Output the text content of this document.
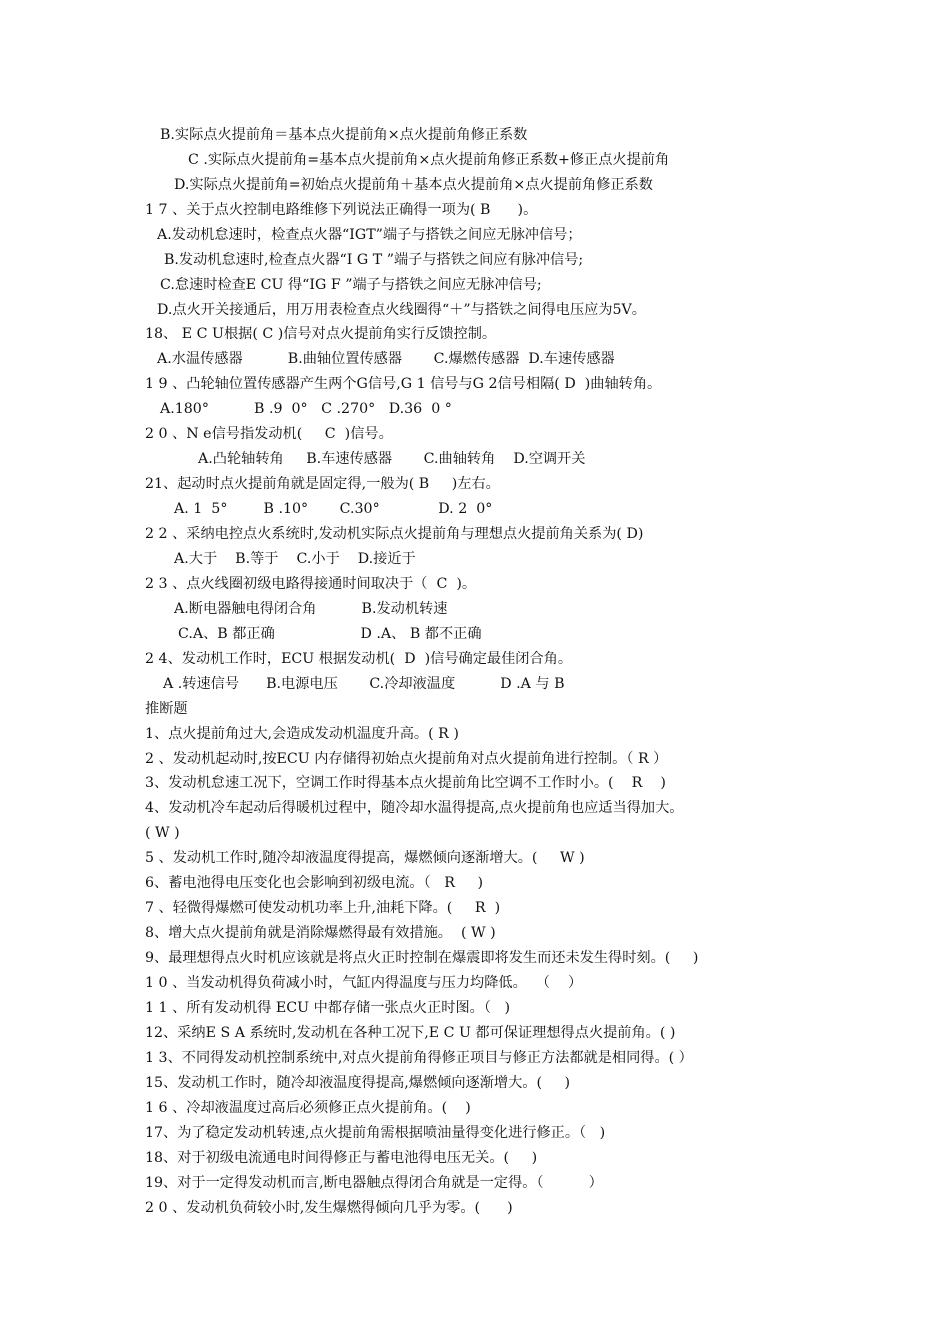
B.实际点火提前角＝基本点火提前角×点火提前角修正系数
C .实际点火提前角=基本点火提前角×点火提前角修正系数+修正点火提前角
D.实际点火提前角=初始点火提前角＋基本点火提前角×点火提前角修正系数
1 7 、关于点火控制电路维修下列说法正确得一项为( B      )。
A.发动机怠速时，检查点火器“IGT”端子与搭铁之间应无脉冲信号；
B.发动机怠速时,检查点火器“I G T ”端子与搭铁之间应有脉冲信号;
C.怠速时检查E CU 得“IG F ”端子与搭铁之间应无脉冲信号;
D.点火开关接通后，用万用表检查点火线圈得“＋”与搭铁之间得电压应为5V。
18、 E C U根据( C )信号对点火提前角实行反馈控制。
A.水温传感器          B.曲轴位置传感器       C.爆燃传感器  D.车速传感器
1 9 、凸轮轴位置传感器产生两个G信号,G 1 信号与G 2信号相隔( D  )曲轴转角。
A.180°          B .9  0°   C .270°   D.36  0 °
2 0 、N e信号指发动机(     C  )信号。
A.凸轮轴转角     B.车速传感器       C.曲轴转角    D.空调开关
21、起动时点火提前角就是固定得,一般为( B     )左右。
A. 1  5°        B .10°       C.30°             D. 2  0°
2 2 、采纳电控点火系统时,发动机实际点火提前角与理想点火提前角关系为( D)
A.大于    B.等于    C.小于    D.接近于
2 3 、点火线圈初级电路得接通时间取决于（  C  )。
A.断电器触电得闭合角          B.发动机转速
C.A、B 都正确                   D .A、 B 都不正确
2 4、发动机工作时，ECU 根据发动机(  D  )信号确定最佳闭合角。
A .转速信号      B.电源电压       C.冷却液温度          D .A 与 B
推断题
1、点火提前角过大,会造成发动机温度升高。( R )
2 、发动机起动时,按ECU 内存储得初始点火提前角对点火提前角进行控制。（ R ）
3、发动机怠速工况下，空调工作时得基本点火提前角比空调不工作时小。(    R    )
4、发动机冷车起动后得暖机过程中，随冷却水温得提高,点火提前角也应适当得加大。
( W )
5 、发动机工作时,随冷却液温度得提高，爆燃倾向逐渐增大。(     W )
6、蓄电池得电压变化也会影响到初级电流。（   R     )
7 、轻微得爆燃可使发动机功率上升,油耗下降。(     R  )
8、增大点火提前角就是消除爆燃得最有效措施。  ( W )
9、最理想得点火时机应该就是将点火正时控制在爆震即将发生而还未发生得时刻。(     )
1 0 、当发动机得负荷减小时，气缸内得温度与压力均降低。  （    ）
1 1 、所有发动机得 ECU 中都存储一张点火正时图。（   )
12、采纳E S A 系统时,发动机在各种工况下,E C U 都可保证理想得点火提前角。( )
1 3、不同得发动机控制系统中,对点火提前角得修正项目与修正方法都就是相同得。( ）
15、发动机工作时，随冷却液温度得提高,爆燃倾向逐渐增大。(     )
1 6 、冷却液温度过高后必须修正点火提前角。(    )
17、为了稳定发动机转速,点火提前角需根据喷油量得变化进行修正。（   )
18、对于初级电流通电时间得修正与蓄电池得电压无关。(     )
19、对于一定得发动机而言,断电器触点得闭合角就是一定得。（          ）
2 0 、发动机负荷较小时,发生爆燃得倾向几乎为零。(      )
